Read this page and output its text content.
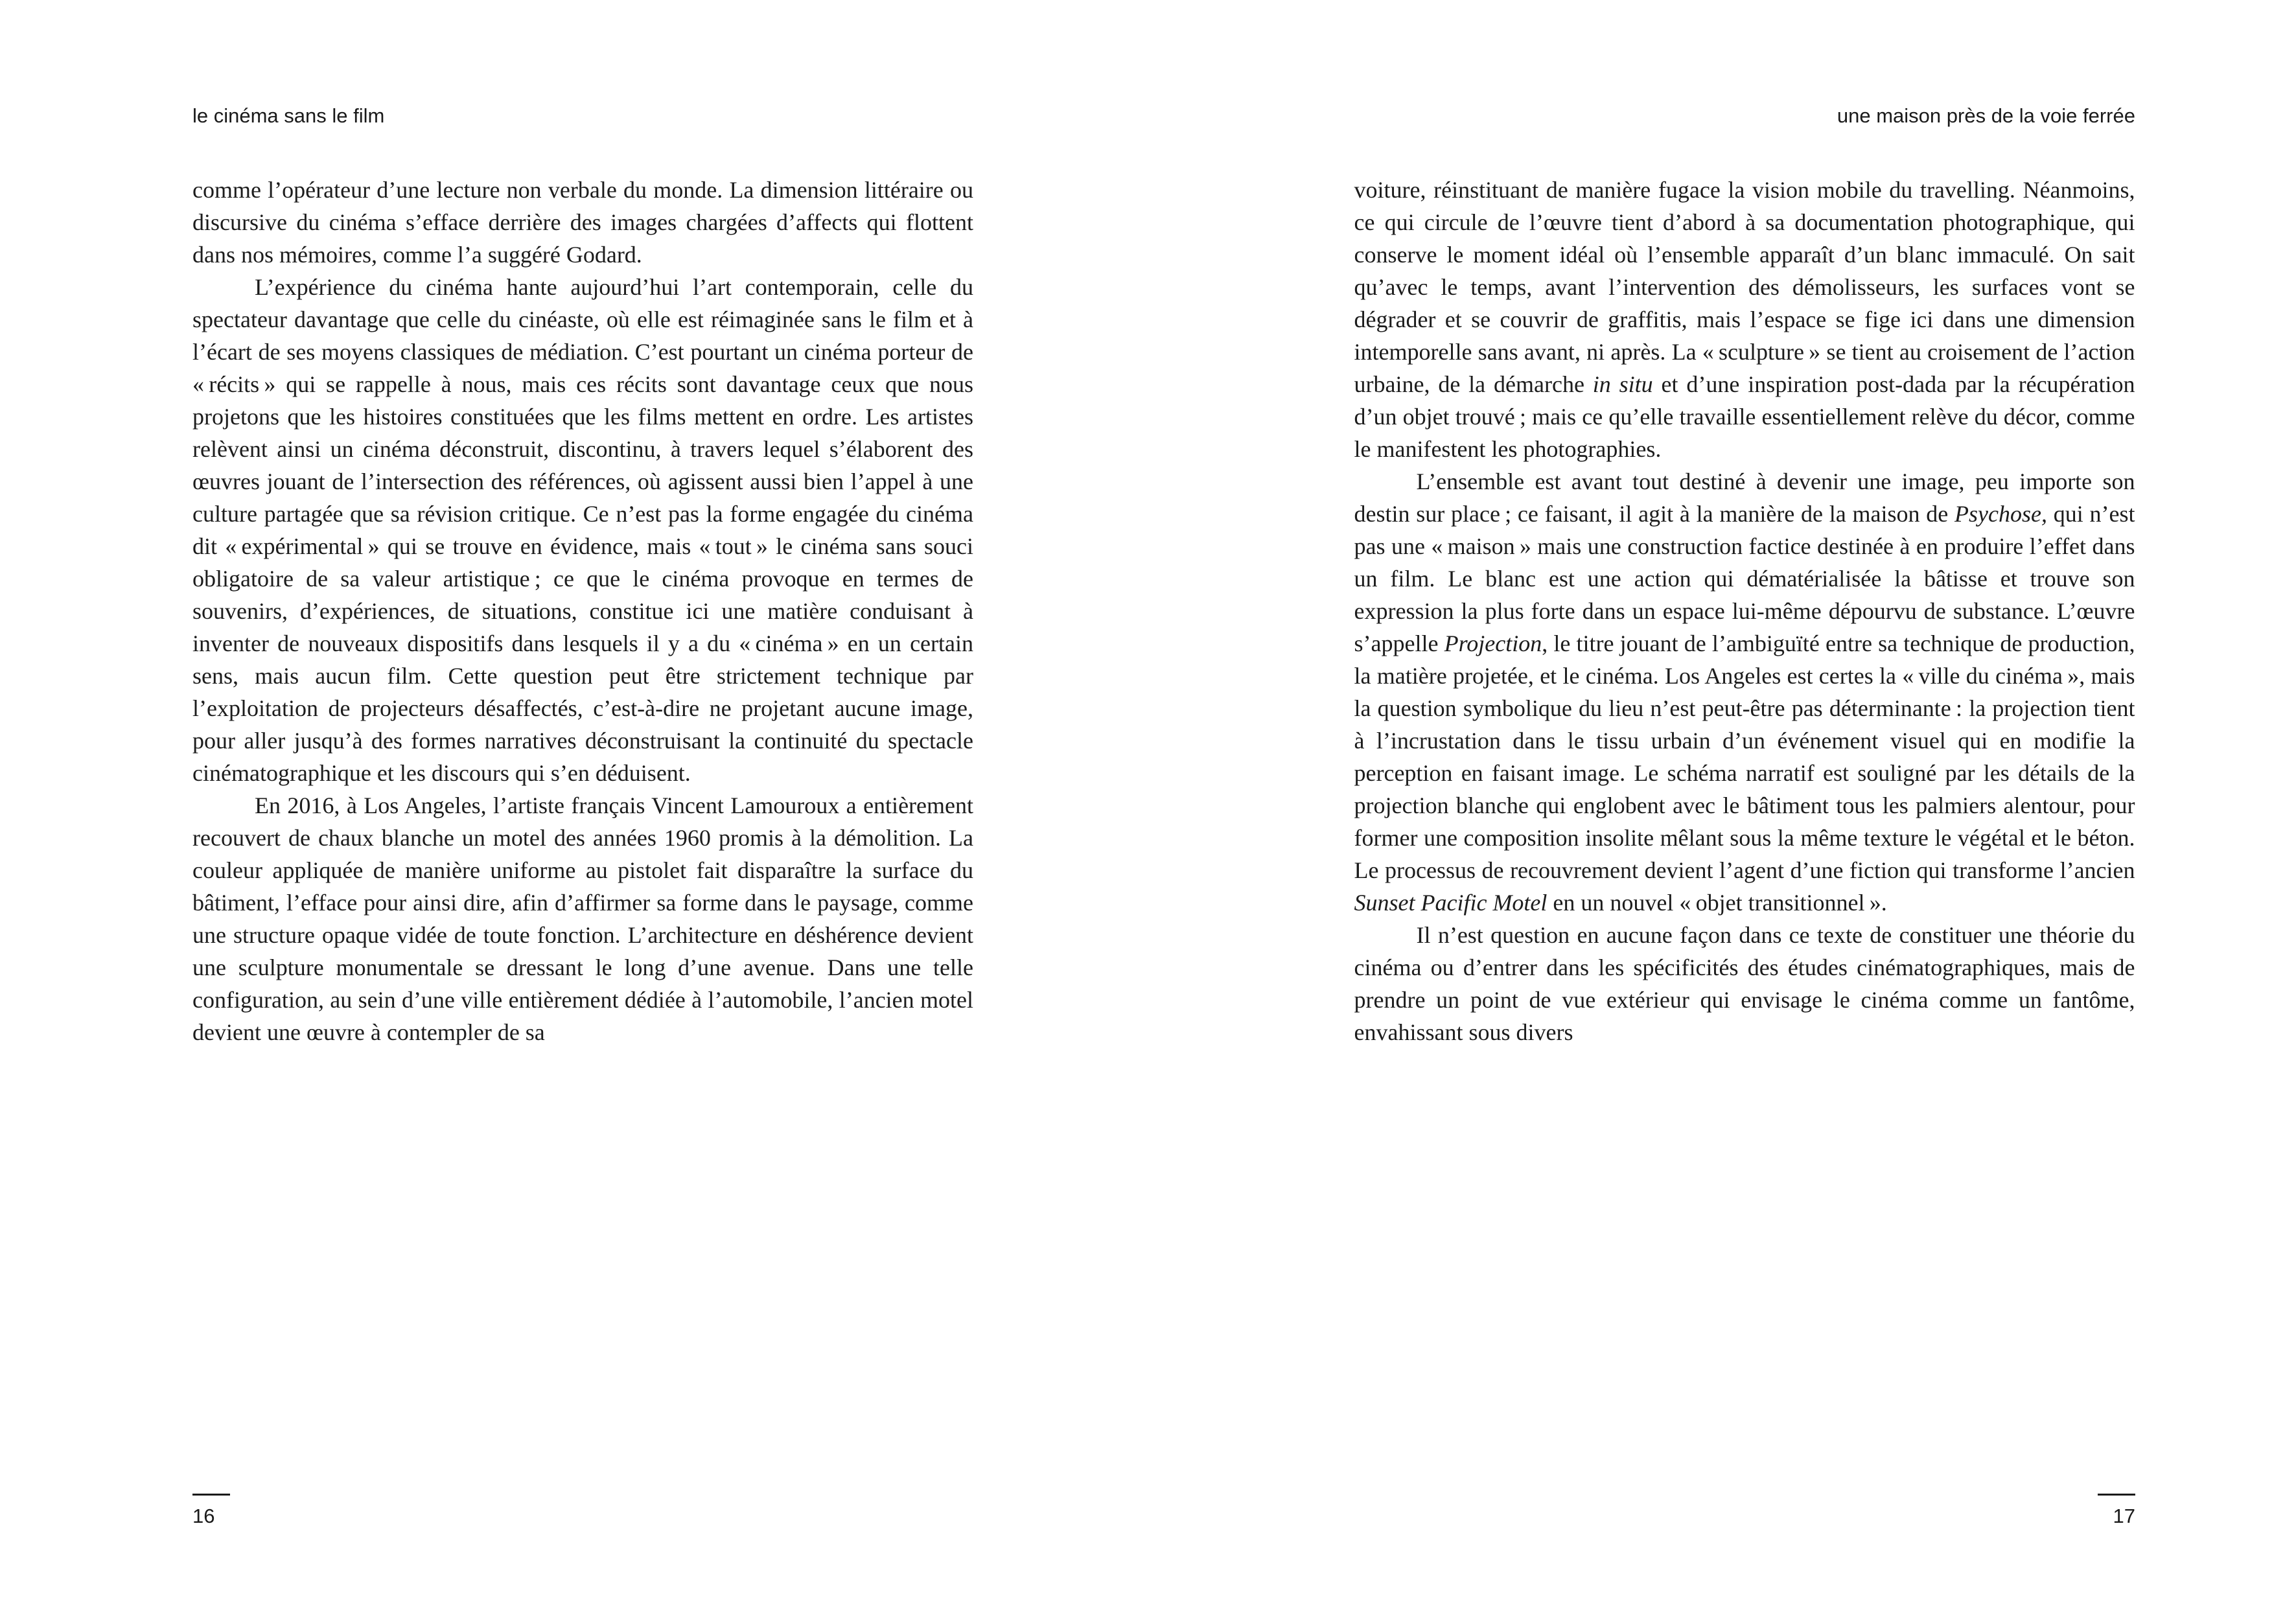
le cinéma sans le film

comme l’opérateur d’une lecture non verbale du monde. La dimension littéraire ou discursive du cinéma s’efface derrière des images chargées d’affects qui flottent dans nos mémoires, comme l’a suggéré Godard.

L’expérience du cinéma hante aujourd’hui l’art contemporain, celle du spectateur davantage que celle du cinéaste, où elle est réimaginée sans le film et à l’écart de ses moyens classiques de médiation. C’est pourtant un cinéma porteur de « récits » qui se rappelle à nous, mais ces récits sont davantage ceux que nous projetons que les histoires constituées que les films mettent en ordre. Les artistes relèvent ainsi un cinéma déconstruit, discontinu, à travers lequel s’élaborent des œuvres jouant de l’intersection des références, où agissent aussi bien l’appel à une culture partagée que sa révision critique. Ce n’est pas la forme engagée du cinéma dit « expérimental » qui se trouve en évidence, mais « tout » le cinéma sans souci obligatoire de sa valeur artistique ; ce que le cinéma provoque en termes de souvenirs, d’expériences, de situations, constitue ici une matière conduisant à inventer de nouveaux dispositifs dans lesquels il y a du « cinéma » en un certain sens, mais aucun film. Cette question peut être strictement technique par l’exploitation de projecteurs désaffectés, c’est-à-dire ne projetant aucune image, pour aller jusqu’à des formes narratives déconstruisant la continuité du spectacle cinématographique et les discours qui s’en déduisent.

En 2016, à Los Angeles, l’artiste français Vincent Lamouroux a entièrement recouvert de chaux blanche un motel des années 1960 promis à la démolition. La couleur appliquée de manière uniforme au pistolet fait disparaître la surface du bâtiment, l’efface pour ainsi dire, afin d’affirmer sa forme dans le paysage, comme une structure opaque vidée de toute fonction. L’architecture en déshérence devient une sculpture monumentale se dressant le long d’une avenue. Dans une telle configuration, au sein d’une ville entièrement dédiée à l’automobile, l’ancien motel devient une œuvre à contempler de sa

16
une maison près de la voie ferrée

voiture, réinstituant de manière fugace la vision mobile du travelling. Néanmoins, ce qui circule de l’œuvre tient d’abord à sa documentation photographique, qui conserve le moment idéal où l’ensemble apparaît d’un blanc immaculé. On sait qu’avec le temps, avant l’intervention des démolisseurs, les surfaces vont se dégrader et se couvrir de graffitis, mais l’espace se fige ici dans une dimension intemporelle sans avant, ni après. La « sculpture » se tient au croisement de l’action urbaine, de la démarche in situ et d’une inspiration post-dada par la récupération d’un objet trouvé ; mais ce qu’elle travaille essentiellement relève du décor, comme le manifestent les photographies.

L’ensemble est avant tout destiné à devenir une image, peu importe son destin sur place ; ce faisant, il agit à la manière de la maison de Psychose, qui n’est pas une « maison » mais une construction factice destinée à en produire l’effet dans un film. Le blanc est une action qui dématérialisée la bâtisse et trouve son expression la plus forte dans un espace lui-même dépourvu de substance. L’œuvre s’appelle Projection, le titre jouant de l’ambiguïté entre sa technique de production, la matière projetée, et le cinéma. Los Angeles est certes la « ville du cinéma », mais la question symbolique du lieu n’est peut-être pas déterminante : la projection tient à l’incrustation dans le tissu urbain d’un événement visuel qui en modifie la perception en faisant image. Le schéma narratif est souligné par les détails de la projection blanche qui englobent avec le bâtiment tous les palmiers alentour, pour former une composition insolite mêlant sous la même texture le végétal et le béton. Le processus de recouvrement devient l’agent d’une fiction qui transforme l’ancien Sunset Pacific Motel en un nouvel « objet transitionnel ».

Il n’est question en aucune façon dans ce texte de constituer une théorie du cinéma ou d’entrer dans les spécificités des études cinématographiques, mais de prendre un point de vue extérieur qui envisage le cinéma comme un fantôme, envahissant sous divers

17
